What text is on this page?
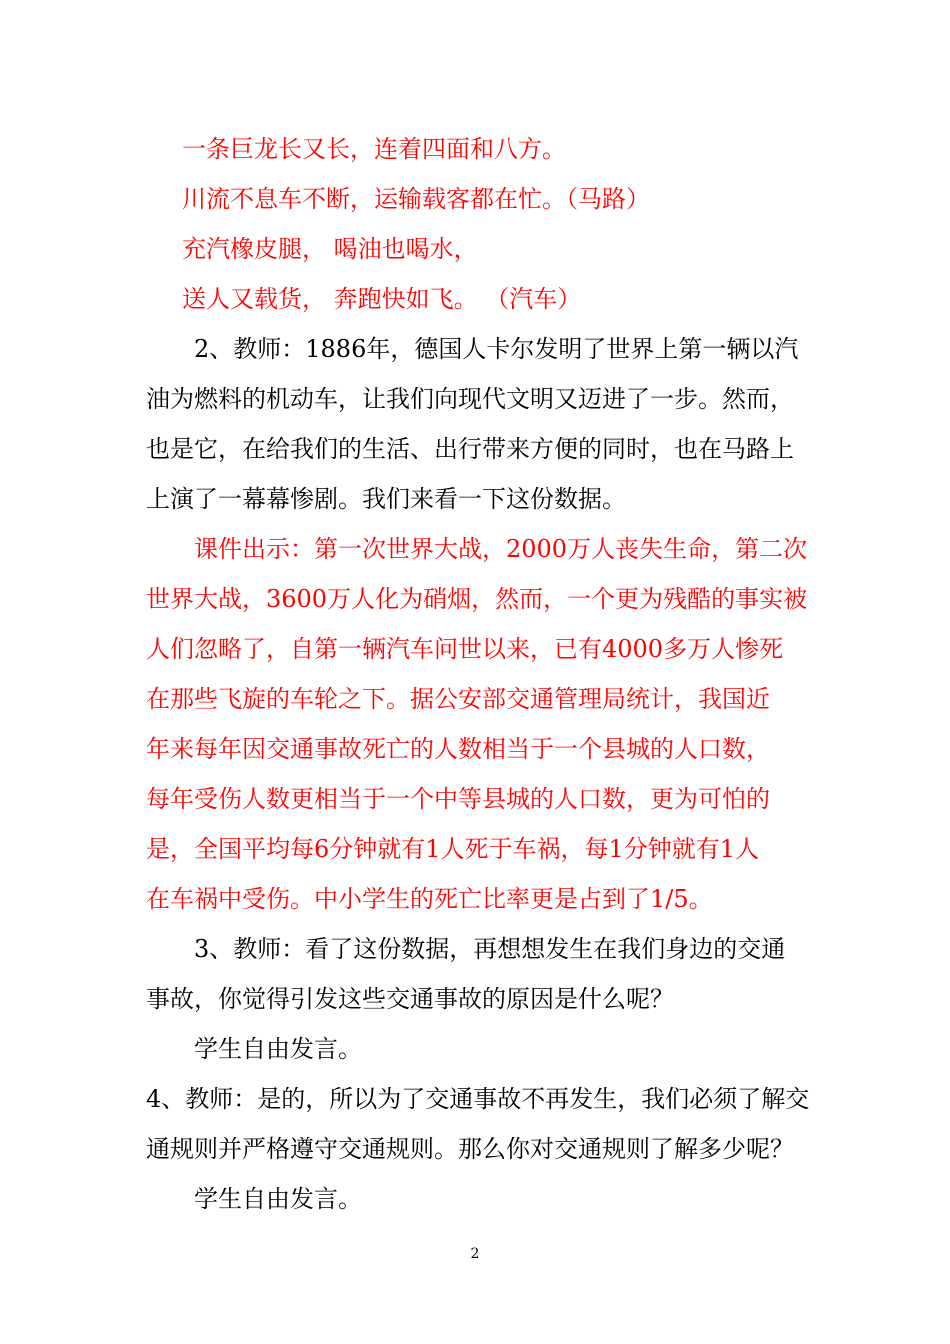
一条巨龙长又长，连着四面和八方。
川流不息车不断，运输载客都在忙。（马路）
充汽橡皮腿， 喝油也喝水，
送人又载货， 奔跑快如飞。 （汽车）
2、教师：1886年，德国人卡尔发明了世界上第一辆以汽
油为燃料的机动车，让我们向现代文明又迈进了一步。然而，
也是它，在给我们的生活、出行带来方便的同时，也在马路上
上演了一幕幕惨剧。我们来看一下这份数据。
课件出示：第一次世界大战，2000万人丧失生命，第二次
世界大战，3600万人化为硝烟，然而，一个更为残酷的事实被
人们忽略了，自第一辆汽车问世以来，已有4000多万人惨死
在那些飞旋的车轮之下。据公安部交通管理局统计，我国近
年来每年因交通事故死亡的人数相当于一个县城的人口数，
每年受伤人数更相当于一个中等县城的人口数，更为可怕的
是，全国平均每6分钟就有1人死于车祸，每1分钟就有1人
在车祸中受伤。中小学生的死亡比率更是占到了1/5。
3、教师：看了这份数据，再想想发生在我们身边的交通
事故，你觉得引发这些交通事故的原因是什么呢？
学生自由发言。
4、教师：是的，所以为了交通事故不再发生，我们必须了解交
通规则并严格遵守交通规则。那么你对交通规则了解多少呢？
学生自由发言。
2
